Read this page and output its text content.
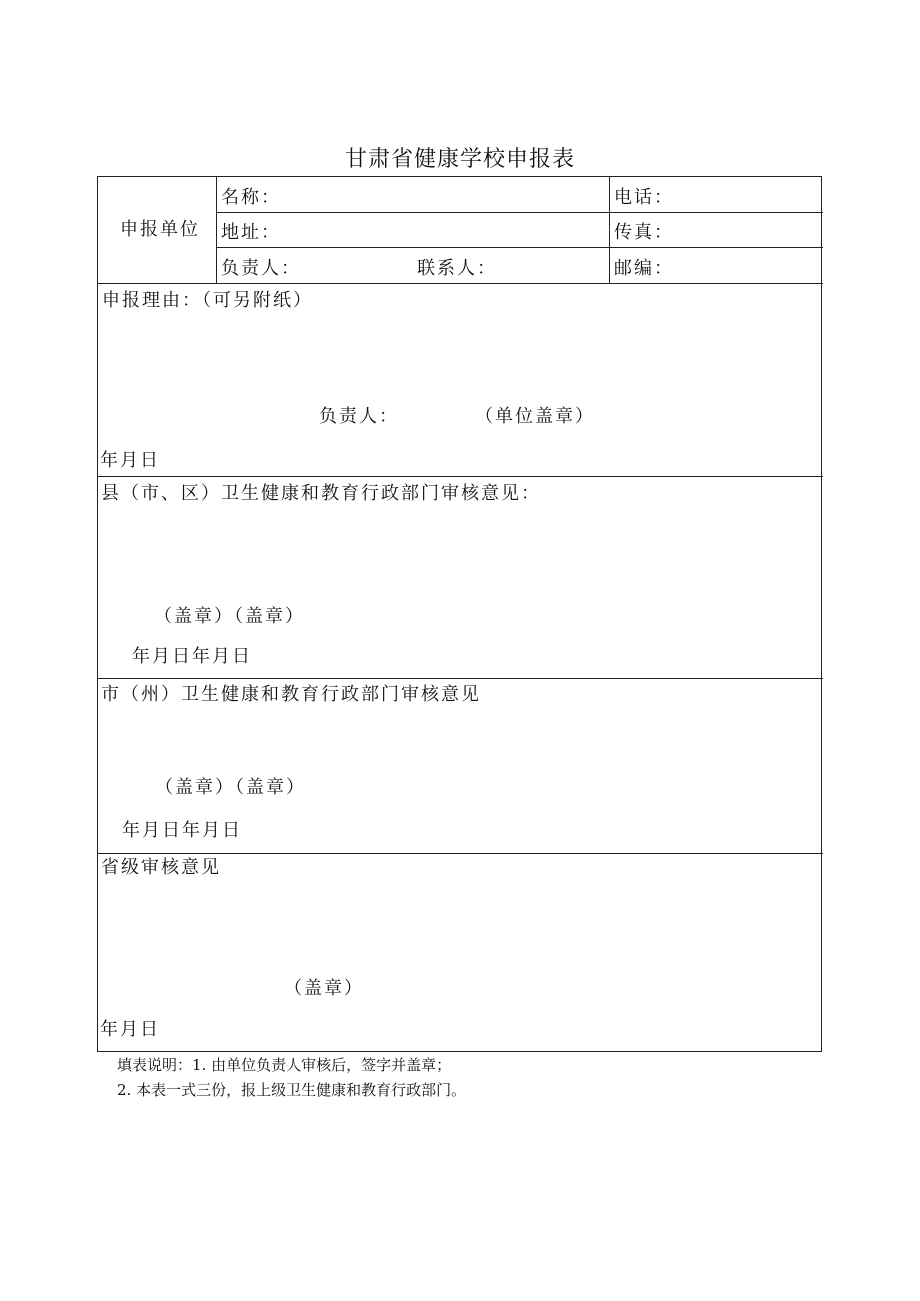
甘肃省健康学校申报表
申报单位
名称：	电话：
地址：	传真：
负责人：	联系人：	邮编：
申报理由：（可另附纸）
负责人：	（单位盖章）
年月日
县（市、区）卫生健康和教育行政部门审核意见：
（盖章）（盖章）
年月日年月日
市（州）卫生健康和教育行政部门审核意见
（盖章）（盖章）
年月日年月日
省级审核意见
（盖章）
年月日
填表说明：1. 由单位负责人审核后，签字并盖章；
2. 本表一式三份，报上级卫生健康和教育行政部门。
